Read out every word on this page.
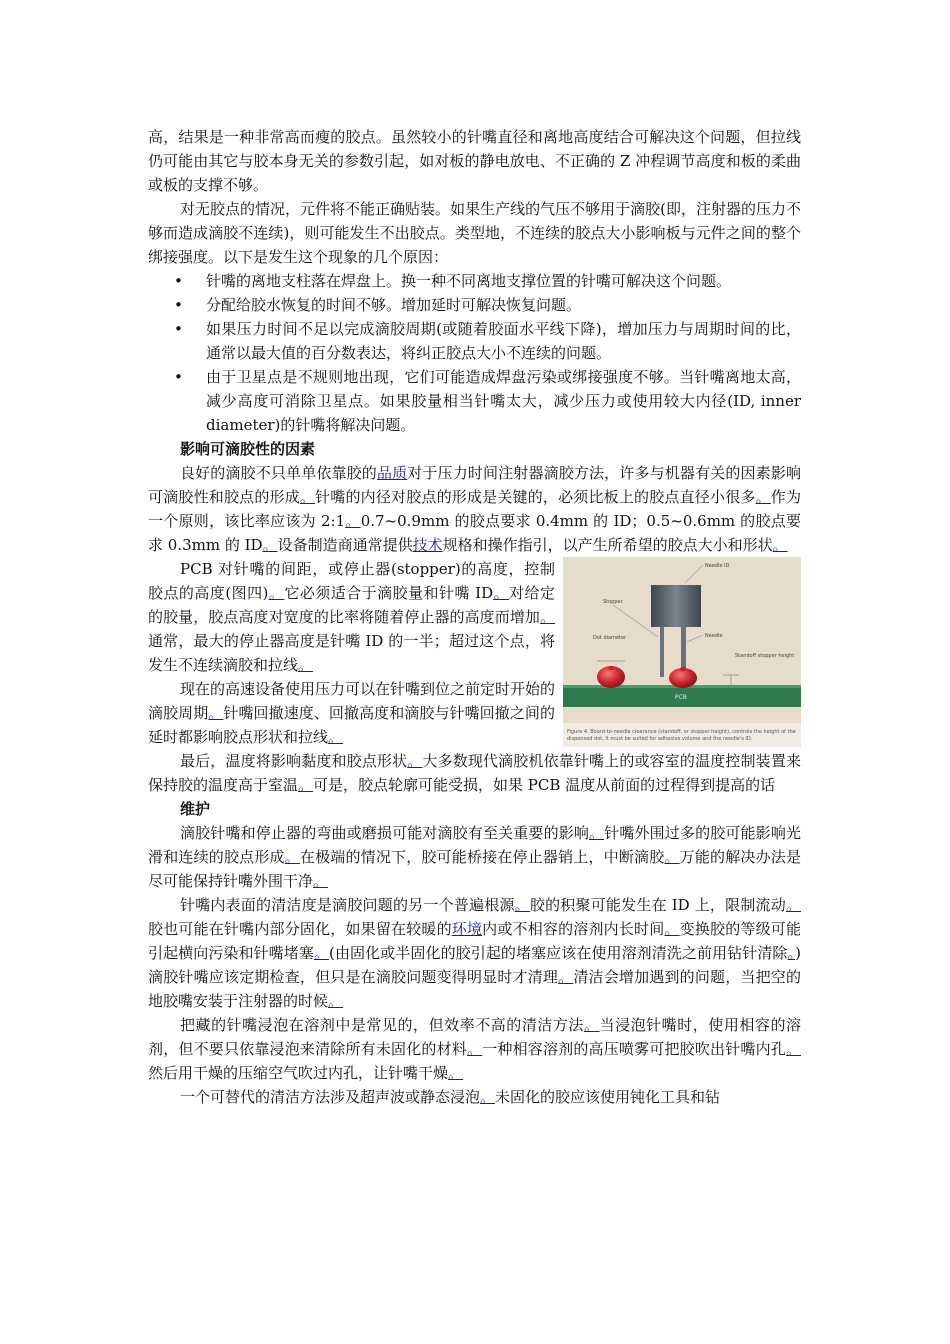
高，结果是一种非常高而瘦的胶点。虽然较小的针嘴直径和离地高度结合可解决这个问题，但拉线仍可能由其它与胶本身无关的参数引起，如对板的静电放电、不正确的 Z 冲程调节高度和板的柔曲或板的支撑不够。

对无胶点的情况，元件将不能正确贴装。如果生产线的气压不够用于滴胶(即，注射器的压力不够而造成滴胶不连续)，则可能发生不出胶点。类型地，不连续的胶点大小影响板与元件之间的整个绑接强度。以下是发生这个现象的几个原因：

• 针嘴的离地支柱落在焊盘上。换一种不同离地支撑位置的针嘴可解决这个问题。
• 分配给胶水恢复的时间不够。增加延时可解决恢复问题。
• 如果压力时间不足以完成滴胶周期(或随着胶面水平线下降)，增加压力与周期时间的比，通常以最大值的百分数表达，将纠正胶点大小不连续的问题。
• 由于卫星点是不规则地出现，它们可能造成焊盘污染或绑接强度不够。当针嘴离地太高，减少高度可消除卫星点。如果胶量相当针嘴太大，减少压力或使用较大内径(ID, inner diameter)的针嘴将解决问题。
影响可滴胶性的因素

良好的滴胶不只单单依靠胶的品质对于压力时间注射器滴胶方法，许多与机器有关的因素影响可滴胶性和胶点的形成 。 针嘴的内径对胶点的形成是关键的，必须比板上的胶点直径小很多 。 作为一个原则，该比率应该为 2:1 。 0.7~0.9mm 的胶点要求 0.4mm 的 ID；0.5~0.6mm 的胶点要求 0.3mm 的 ID 。 设备制造商通常提供技术规格和操作指引，以产生所希望的胶点大小和形状 。

PCB
Needle ID
Stopper
Needle
Dot diameter
Standoff stopper height
Figure 4. Board-to-needle clearance (standoff, or stopper height), controls the height of the dispensed dot. It must be suited for adhesive volume and the needle's ID.

PCB 对针嘴的间距，或停止器(stopper)的高度，控制胶点的高度(图四) 。 它必须适合于滴胶量和针嘴 ID 。 对给定的胶量，胶点高度对宽度的比率将随着停止器的高度而增加 。通常，最大的停止器高度是针嘴 ID 的一半；超过这个点，将发生不连续滴胶和拉线 。

现在的高速设备使用压力可以在针嘴到位之前定时开始的滴胶周期 。 针嘴回撤速度、回撤高度和滴胶与针嘴回撤之间的延时都影响胶点形状和拉线 。

最后，温度将影响黏度和胶点形状 。 大多数现代滴胶机依靠针嘴上的或容室的温度控制装置来保持胶的温度高于室温 。 可是，胶点轮廓可能受损，如果 PCB 温度从前面的过程得到提高的话

维护

滴胶针嘴和停止器的弯曲或磨损可能对滴胶有至关重要的影响 。 针嘴外围过多的胶可能影响光滑和连续的胶点形成 。 在极端的情况下，胶可能桥接在停止器销上，中断滴胶 。 万能的解决办法是尽可能保持针嘴外围干净 。

针嘴内表面的清洁度是滴胶问题的另一个普遍根源 。 胶的积聚可能发生在 ID 上，限制流动 。胶也可能在针嘴内部分固化，如果留在较暖的环境内或不相容的溶剂内长时间 。 变换胶的等级可能引起横向污染和针嘴堵塞 。 (由固化或半固化的胶引起的堵塞应该在使用溶剂清洗之前用钻针清除 。 )滴胶针嘴应该定期检查，但只是在滴胶问题变得明显时才清理 。 清洁会增加遇到的问题，当把空的地胶嘴安装于注射器的时候 。

把藏的针嘴浸泡在溶剂中是常见的，但效率不高的清洁方法 。 当浸泡针嘴时，使用相容的溶剂，但不要只依靠浸泡来清除所有未固化的材料 。 一种相容溶剂的高压喷雾可把胶吹出针嘴内孔 。然后用干燥的压缩空气吹过内孔，让针嘴干燥 。

一个可替代的清洁方法涉及超声波或静态浸泡 。 未固化的胶应该使用钝化工具和钻
